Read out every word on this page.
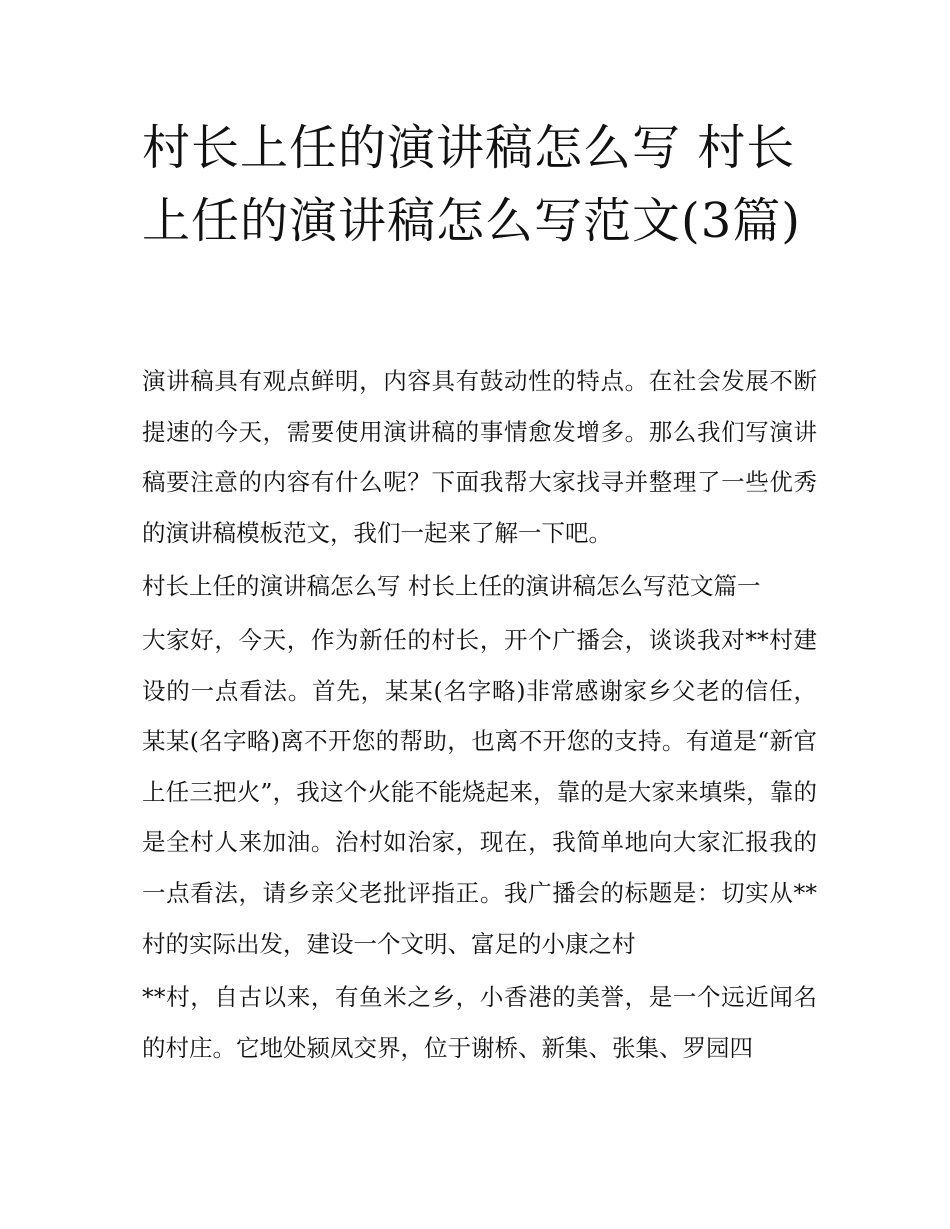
村长上任的演讲稿怎么写 村长上任的演讲稿怎么写范文(3篇)

演讲稿具有观点鲜明，内容具有鼓动性的特点。在社会发展不断提速的今天，需要使用演讲稿的事情愈发增多。那么我们写演讲稿要注意的内容有什么呢？下面我帮大家找寻并整理了一些优秀的演讲稿模板范文，我们一起来了解一下吧。

村长上任的演讲稿怎么写 村长上任的演讲稿怎么写范文篇一

大家好，今天，作为新任的村长，开个广播会，谈谈我对**村建设的一点看法。首先，某某(名字略)非常感谢家乡父老的信任，某某(名字略)离不开您的帮助，也离不开您的支持。有道是“新官上任三把火”，我这个火能不能烧起来，靠的是大家来填柴，靠的是全村人来加油。治村如治家，现在，我简单地向大家汇报我的一点看法，请乡亲父老批评指正。我广播会的标题是：切实从**村的实际出发，建设一个文明、富足的小康之村

**村，自古以来，有鱼米之乡，小香港的美誉，是一个远近闻名的村庄。它地处颍凤交界，位于谢桥、新集、张集、罗园四
